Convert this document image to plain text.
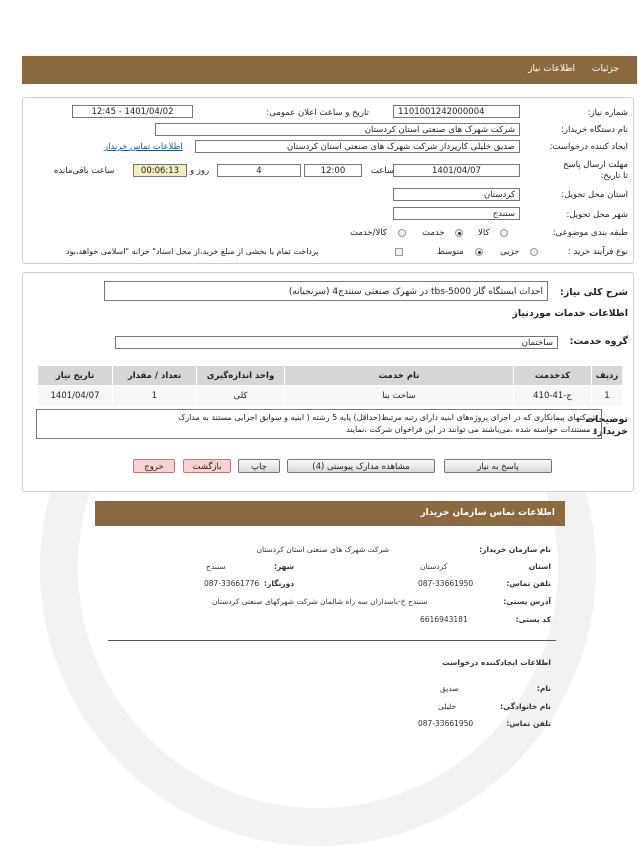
جزئیات
اطلاعات نیاز
شماره نیاز:
1101001242000004
تاریخ و ساعت اعلان عمومی:
1401/04/02 - 12:45
نام دستگاه خریدار:
شرکت شهرک های صنعتی استان کردستان
ایجاد کننده درخواست:
صدیق خلیلی کارپرداز شرکت شهرک های صنعتی استان کردستان
اطلاعات تماس خریدار
مهلت ارسال پاسخ تا تاریخ:
1401/04/07
ساعت
12:00
4
روز و
00:06:13
ساعت باقی‌مانده
استان محل تحویل:
کردستان
شهر محل تحویل:
سنندج
طبقه بندی موضوعی:
کالا
خدمت
کالا/خدمت
نوع فرآیند خرید :
جزیی
متوسط
پرداخت تمام یا بخشی از مبلغ خرید،از محل اسناد" خزانه "اسلامی خواهد،بود
شرح کلی نیاز:
احداث ایستگاه گاز tbs-5000 در شهرک صنعتی سنندج4 (سرنجیانه)
اطلاعات خدمات موردنیاز
گروه خدمت:
ساختمان
ردیف	کدخدمت	نام خدمت	واحد اندازه‌گیری	تعداد / مقدار	تاریخ نیاز
1	ج-41-410	ساخت بنا	کلی	1	1401/04/07
توضیحات خریدار:
شرکتهای پیمانکاری که در اجرای پروژه‌های ابنیه دارای رتبه مرتبط(حداقل) پایه 5 رشته ( ابنیه و سوابق اجرایی مستند به مدارک
و مستندات خواسته شده ،می‌باشند می توانند در این فراخوان شرکت ،نمایند
پاسخ به نیاز
مشاهده مدارک پیوستی (4)
چاپ
بازگشت
خروج
اطلاعات تماس سازمان خریدار
نام سازمان خریدار:
شرکت شهرک های صنعتی استان کردستان
استان
کردستان
شهر:
سنندج
تلفن تماس:
087-33661950
دورنگار:
087-33661776
آدرس پستی:
سنندج خ-باسداران سه راه شالمان شرکت شهرکهای صنعتی کردستان
کد پستی:
6616943181
اطلاعات ایجادکننده درخواست
نام:
صدیق
نام خانوادگی:
خلیلی
تلفن تماس:
087-33661950
